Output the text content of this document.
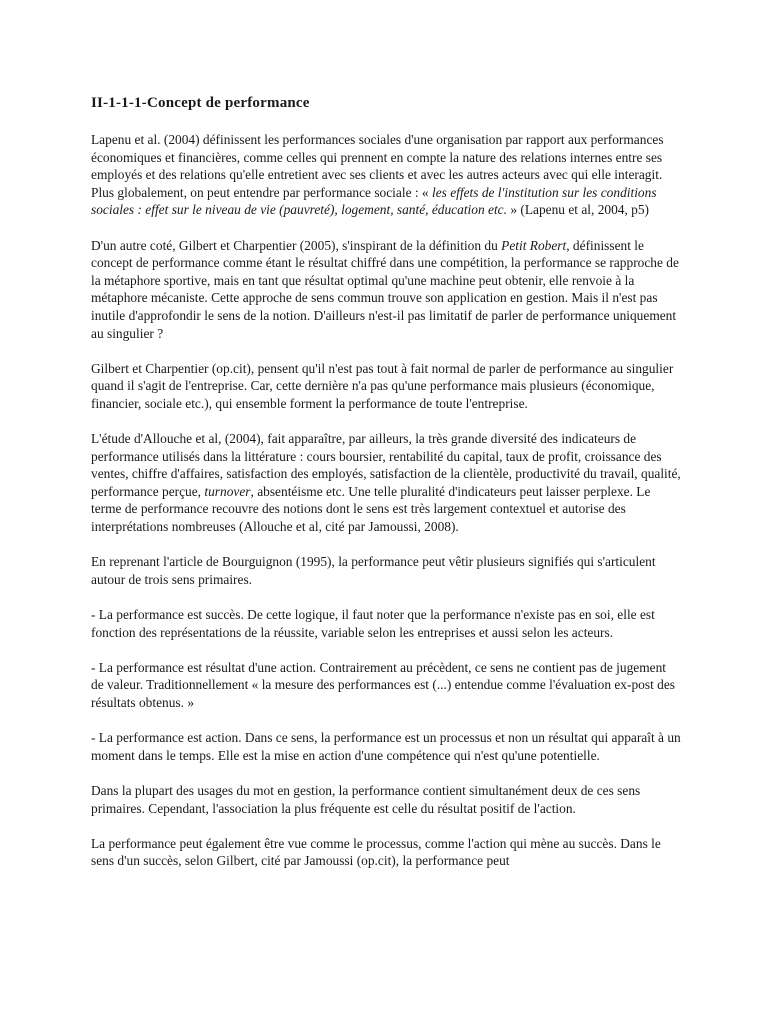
II-1-1-1-Concept de performance

Lapenu et al. (2004) définissent les performances sociales d'une organisation par rapport aux performances économiques et financières, comme celles qui prennent en compte la nature des relations internes entre ses employés et des relations qu'elle entretient avec ses clients et avec les autres acteurs avec qui elle interagit. Plus globalement, on peut entendre par performance sociale : « les effets de l'institution sur les conditions sociales : effet sur le niveau de vie (pauvreté), logement, santé, éducation etc. » (Lapenu et al, 2004, p5)

D'un autre coté, Gilbert et Charpentier (2005), s'inspirant de la définition du Petit Robert, définissent le concept de performance comme étant le résultat chiffré dans une compétition, la performance se rapproche de la métaphore sportive, mais en tant que résultat optimal qu'une machine peut obtenir, elle renvoie à la métaphore mécaniste. Cette approche de sens commun trouve son application en gestion. Mais il n'est pas inutile d'approfondir le sens de la notion. D'ailleurs n'est-il pas limitatif de parler de performance uniquement au singulier ?

Gilbert et Charpentier (op.cit), pensent qu'il n'est pas tout à fait normal de parler de performance au singulier quand il s'agit de l'entreprise. Car, cette dernière n'a pas qu'une performance mais plusieurs (économique, financier, sociale etc.), qui ensemble forment la performance de toute l'entreprise.

L'étude d'Allouche et al, (2004), fait apparaître, par ailleurs, la très grande diversité des indicateurs de performance utilisés dans la littérature : cours boursier, rentabilité du capital, taux de profit, croissance des ventes, chiffre d'affaires, satisfaction des employés, satisfaction de la clientèle, productivité du travail, qualité, performance perçue, turnover, absentéisme etc. Une telle pluralité d'indicateurs peut laisser perplexe. Le terme de performance recouvre des notions dont le sens est très largement contextuel et autorise des interprétations nombreuses (Allouche et al, cité par Jamoussi, 2008).

En reprenant l'article de Bourguignon (1995), la performance peut vêtir plusieurs signifiés qui s'articulent autour de trois sens primaires.

- La performance est succès. De cette logique, il faut noter que la performance n'existe pas en soi, elle est fonction des représentations de la réussite, variable selon les entreprises et aussi selon les acteurs.

- La performance est résultat d'une action. Contrairement au précèdent, ce sens ne contient pas de jugement de valeur. Traditionnellement « la mesure des performances est (...) entendue comme l'évaluation ex-post des résultats obtenus. »

- La performance est action. Dans ce sens, la performance est un processus et non un résultat qui apparaît à un moment dans le temps. Elle est la mise en action d'une compétence qui n'est qu'une potentielle.

Dans la plupart des usages du mot en gestion, la performance contient simultanément deux de ces sens primaires. Cependant, l'association la plus fréquente est celle du résultat positif de l'action.

La performance peut également être vue comme le processus, comme l'action qui mène au succès. Dans le sens d'un succès, selon Gilbert, cité par Jamoussi (op.cit), la performance peut
